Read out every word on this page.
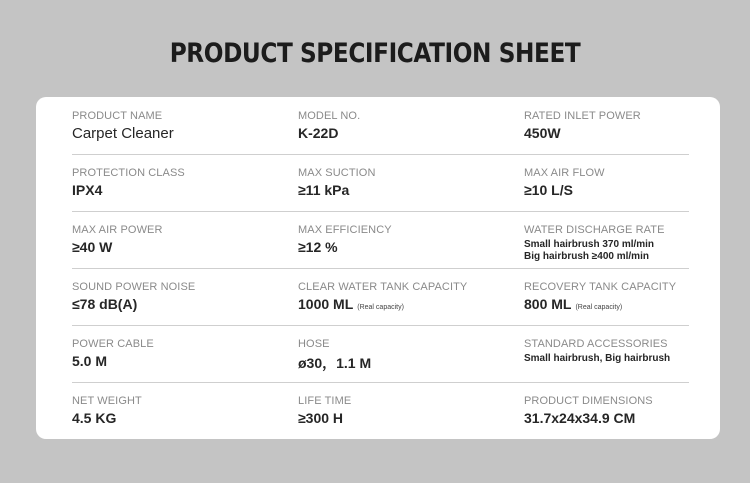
PRODUCT SPECIFICATION SHEET
PRODUCT NAME
Carpet Cleaner
MODEL NO.
K-22D
RATED INLET POWER
450W
PROTECTION CLASS
IPX4
MAX SUCTION
≥11 kPa
MAX AIR FLOW
≥10 L/S
MAX AIR POWER
≥40 W
MAX EFFICIENCY
≥12 %
WATER DISCHARGE RATE
Small hairbrush 370 ml/min
Big hairbrush ≥400 ml/min
SOUND POWER NOISE
≤78 dB(A)
CLEAR WATER TANK CAPACITY
1000 ML (Real capacity)
RECOVERY TANK CAPACITY
800 ML (Real capacity)
POWER CABLE
5.0 M
HOSE
ø30，1.1 M
STANDARD ACCESSORIES
Small hairbrush, Big hairbrush
NET WEIGHT
4.5 KG
LIFE TIME
≥300 H
PRODUCT DIMENSIONS
31.7x24x34.9 CM
